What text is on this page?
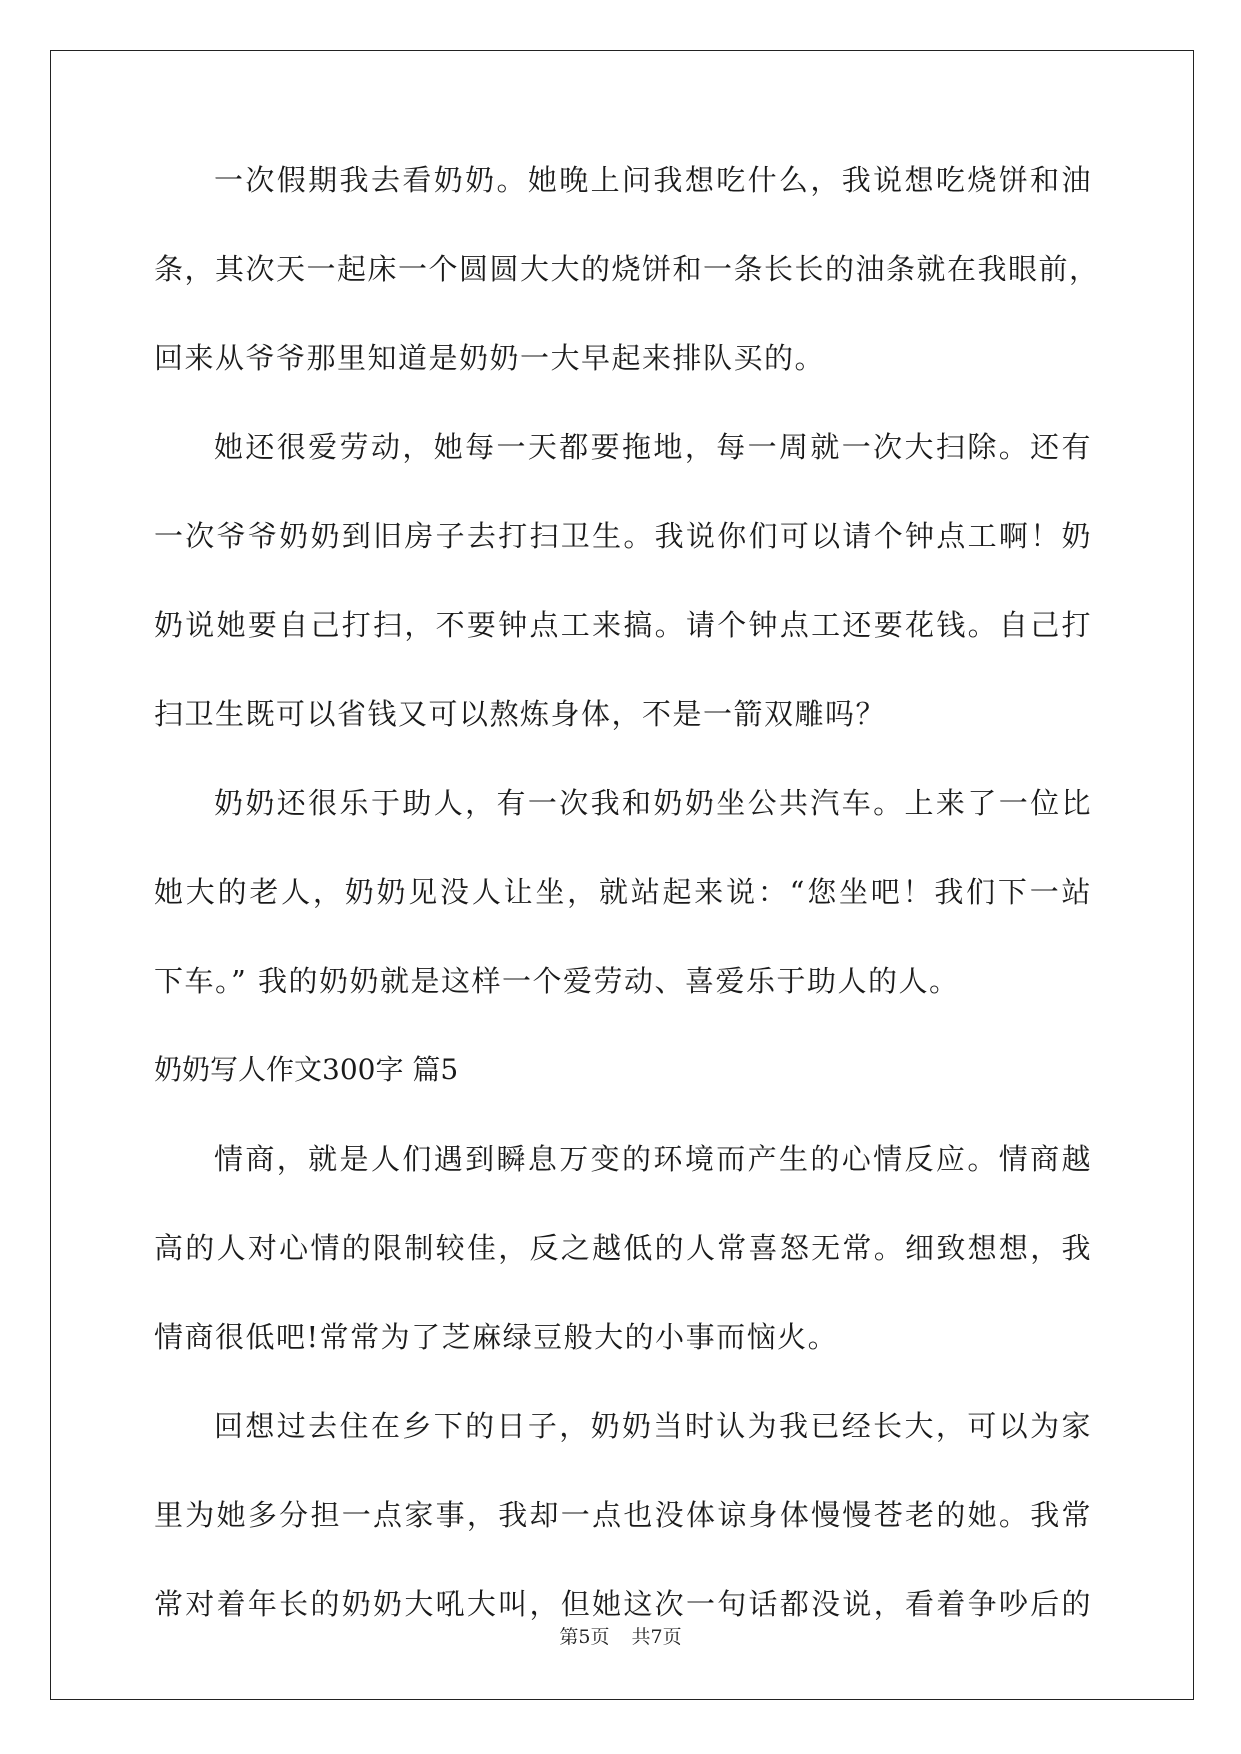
一次假期我去看奶奶。她晚上问我想吃什么，我说想吃烧饼和油
条，其次天一起床一个圆圆大大的烧饼和一条长长的油条就在我眼前，
回来从爷爷那里知道是奶奶一大早起来排队买的。
她还很爱劳动，她每一天都要拖地，每一周就一次大扫除。还有
一次爷爷奶奶到旧房子去打扫卫生。我说你们可以请个钟点工啊！奶
奶说她要自己打扫，不要钟点工来搞。请个钟点工还要花钱。自己打
扫卫生既可以省钱又可以熬炼身体，不是一箭双雕吗？
奶奶还很乐于助人，有一次我和奶奶坐公共汽车。上来了一位比
她大的老人，奶奶见没人让坐，就站起来说：“您坐吧！我们下一站
下车。” 我的奶奶就是这样一个爱劳动、喜爱乐于助人的人。
奶奶写人作文300字 篇5
情商，就是人们遇到瞬息万变的环境而产生的心情反应。情商越
高的人对心情的限制较佳，反之越低的人常喜怒无常。细致想想，我
情商很低吧!常常为了芝麻绿豆般大的小事而恼火。
回想过去住在乡下的日子，奶奶当时认为我已经长大，可以为家
里为她多分担一点家事，我却一点也没体谅身体慢慢苍老的她。我常
常对着年长的奶奶大吼大叫，但她这次一句话都没说，看着争吵后的
第5页 共7页
